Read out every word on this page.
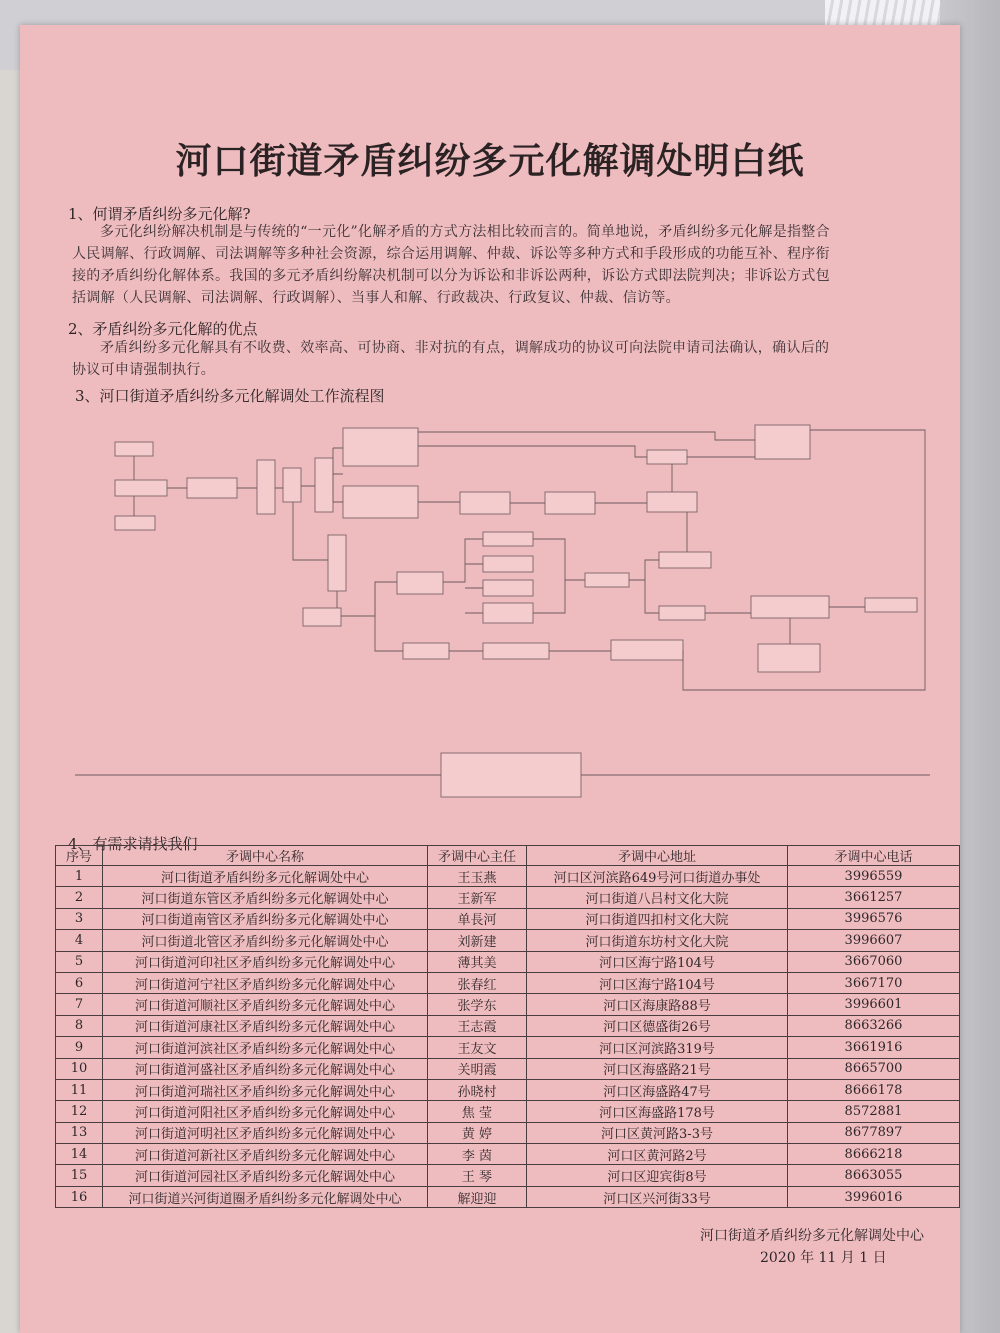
河口街道矛盾纠纷多元化解调处明白纸
1、何谓矛盾纠纷多元化解?
多元化纠纷解决机制是与传统的“一元化”化解矛盾的方式方法相比较而言的。简单地说，矛盾纠纷多元化解是指整合
人民调解、行政调解、司法调解等多种社会资源，综合运用调解、仲裁、诉讼等多种方式和手段形成的功能互补、程序衔
接的矛盾纠纷化解体系。我国的多元矛盾纠纷解决机制可以分为诉讼和非诉讼两种，诉讼方式即法院判决；非诉讼方式包
括调解（人民调解、司法调解、行政调解）、当事人和解、行政裁决、行政复议、仲裁、信访等。
2、矛盾纠纷多元化解的优点
矛盾纠纷多元化解具有不收费、效率高、可协商、非对抗的有点，调解成功的协议可向法院申请司法确认，确认后的
协议可申请强制执行。
3、河口街道矛盾纠纷多元化解调处工作流程图
4、有需求请找我们
河口街道矛盾纠纷多元化解调处中心
2020 年 11 月 1 日
序号	矛调中心名称	矛调中心主任	矛调中心地址	矛调中心电话
1	河口街道矛盾纠纷多元化解调处中心	王玉燕	河口区河滨路649号河口街道办事处	3996559
2	河口街道东管区矛盾纠纷多元化解调处中心	王新军	河口街道八吕村文化大院	3661257
3	河口街道南管区矛盾纠纷多元化解调处中心	单長河	河口街道四扣村文化大院	3996576
4	河口街道北管区矛盾纠纷多元化解调处中心	刘新建	河口街道东坊村文化大院	3996607
5	河口街道河印社区矛盾纠纷多元化解调处中心	薄其美	河口区海宁路104号	3667060
6	河口街道河宁社区矛盾纠纷多元化解调处中心	张春红	河口区海宁路104号	3667170
7	河口街道河顺社区矛盾纠纷多元化解调处中心	张学东	河口区海康路88号	3996601
8	河口街道河康社区矛盾纠纷多元化解调处中心	王志霞	河口区德盛街26号	8663266
9	河口街道河滨社区矛盾纠纷多元化解调处中心	王友文	河口区河滨路319号	3661916
10	河口街道河盛社区矛盾纠纷多元化解调处中心	关明霞	河口区海盛路21号	8665700
11	河口街道河瑞社区矛盾纠纷多元化解调处中心	孙晓村	河口区海盛路47号	8666178
12	河口街道河阳社区矛盾纠纷多元化解调处中心	焦 莹	河口区海盛路178号	8572881
13	河口街道河明社区矛盾纠纷多元化解调处中心	黄 婷	河口区黄河路3-3号	8677897
14	河口街道河新社区矛盾纠纷多元化解调处中心	李 茵	河口区黄河路2号	8666218
15	河口街道河园社区矛盾纠纷多元化解调处中心	王 琴	河口区迎宾街8号	8663055
16	河口街道兴河街道圈矛盾纠纷多元化解调处中心	解迎迎	河口区兴河街33号	3996016
